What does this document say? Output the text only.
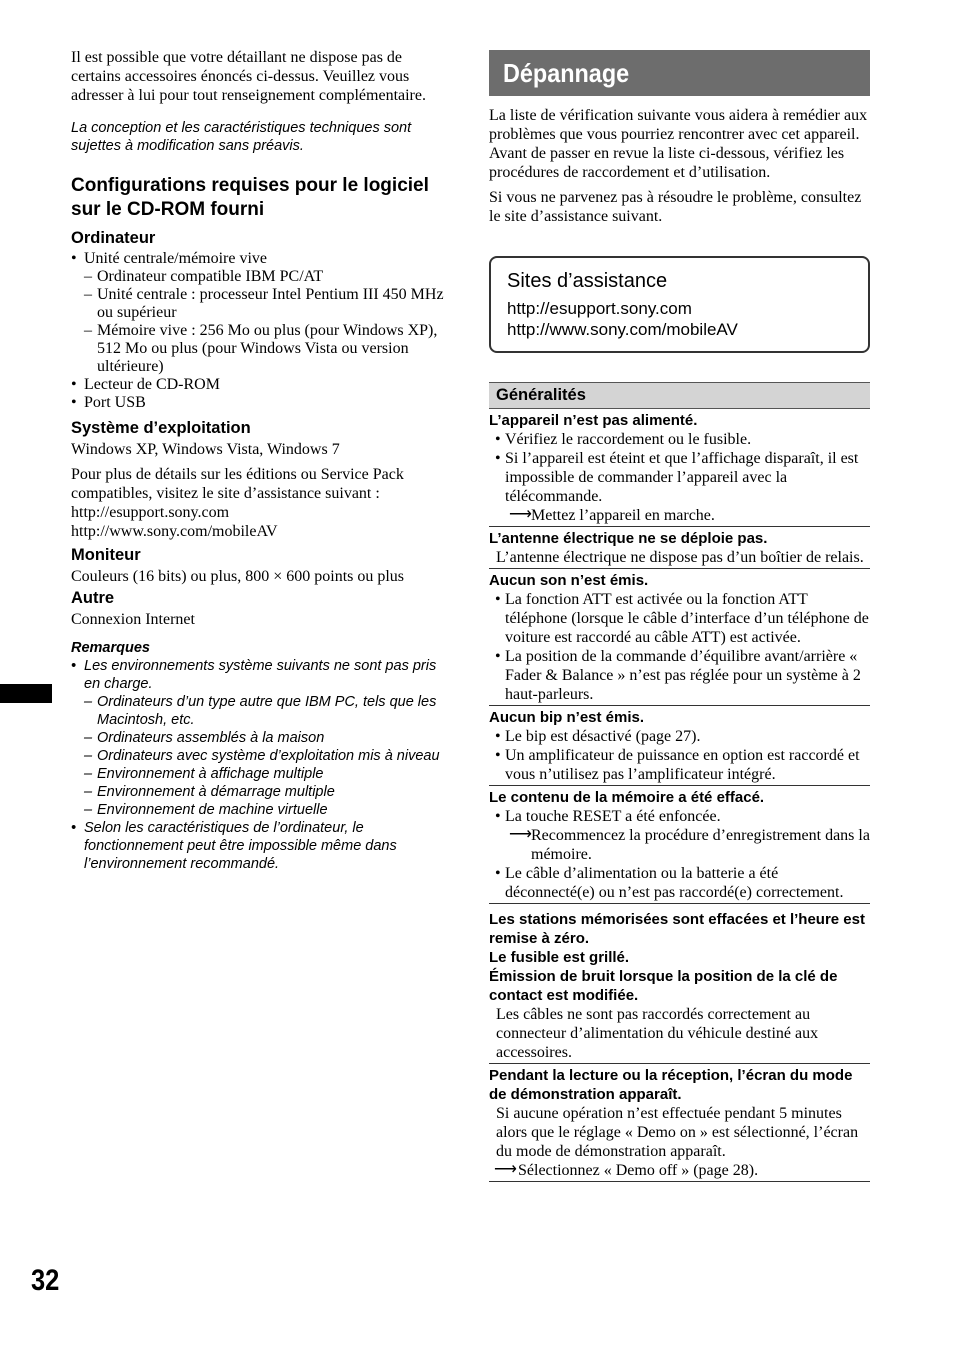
32

Il est possible que votre détaillant ne dispose pas de certains accessoires énoncés ci-dessus. Veuillez vous adresser à lui pour tout renseignement complémentaire.

La conception et les caractéristiques techniques sont sujettes à modification sans préavis.

Configurations requises pour le logiciel sur le CD-ROM fourni
Ordinateur
• Unité centrale/mémoire vive
– Ordinateur compatible IBM PC/AT
– Unité centrale : processeur Intel Pentium III 450 MHz ou supérieur
– Mémoire vive : 256 Mo ou plus (pour Windows XP), 512 Mo ou plus (pour Windows Vista ou version ultérieure)
• Lecteur de CD-ROM
• Port USB
Système d’exploitation

Windows XP, Windows Vista, Windows 7

Pour plus de détails sur les éditions ou Service Pack compatibles, visitez le site d’assistance suivant :

http://esupport.sony.com

http://www.sony.com/mobileAV

Moniteur

Couleurs (16 bits) ou plus, 800 × 600 points ou plus

Autre

Connexion Internet

Remarques
• Les environnements système suivants ne sont pas pris en charge.
– Ordinateurs d’un type autre que IBM PC, tels que les Macintosh, etc.
– Ordinateurs assemblés à la maison
– Ordinateurs avec système d’exploitation mis à niveau
– Environnement à affichage multiple
– Environnement à démarrage multiple
– Environnement de machine virtuelle
• Selon les caractéristiques de l’ordinateur, le fonctionnement peut être impossible même dans l’environnement recommandé.
Dépannage

La liste de vérification suivante vous aidera à remédier aux problèmes que vous pourriez rencontrer avec cet appareil.

Avant de passer en revue la liste ci-dessous, vérifiez les procédures de raccordement et d’utilisation.

Si vous ne parvenez pas à résoudre le problème, consultez le site d’assistance suivant.

Sites d’assistance
http://esupport.sony.com
http://www.sony.com/mobileAV
Généralités
L’appareil n’est pas alimenté.
• Vérifiez le raccordement ou le fusible.
• Si l’appareil est éteint et que l’affichage disparaît, il est impossible de commander l’appareil avec la télécommande.
⟶ Mettez l’appareil en marche.
L’antenne électrique ne se déploie pas.
L’antenne électrique ne dispose pas d’un boîtier de relais.
Aucun son n’est émis.
• La fonction ATT est activée ou la fonction ATT téléphone (lorsque le câble d’interface d’un téléphone de voiture est raccordé au câble ATT) est activée.
• La position de la commande d’équilibre avant/arrière « Fader & Balance » n’est pas réglée pour un système à 2 haut-parleurs.
Aucun bip n’est émis.
• Le bip est désactivé (page 27).
• Un amplificateur de puissance en option est raccordé et vous n’utilisez pas l’amplificateur intégré.
Le contenu de la mémoire a été effacé.
• La touche RESET a été enfoncée.
⟶ Recommencez la procédure d’enregistrement dans la mémoire.
• Le câble d’alimentation ou la batterie a été déconnecté(e) ou n’est pas raccordé(e) correctement.
Les stations mémorisées sont effacées et l’heure est remise à zéro.
Le fusible est grillé.
Émission de bruit lorsque la position de la clé de contact est modifiée.
Les câbles ne sont pas raccordés correctement au connecteur d’alimentation du véhicule destiné aux accessoires.
Pendant la lecture ou la réception, l’écran du mode de démonstration apparaît.
Si aucune opération n’est effectuée pendant 5 minutes alors que le réglage « Demo on » est sélectionné, l’écran du mode de démonstration apparaît.
⟶ Sélectionnez « Demo off » (page 28).
